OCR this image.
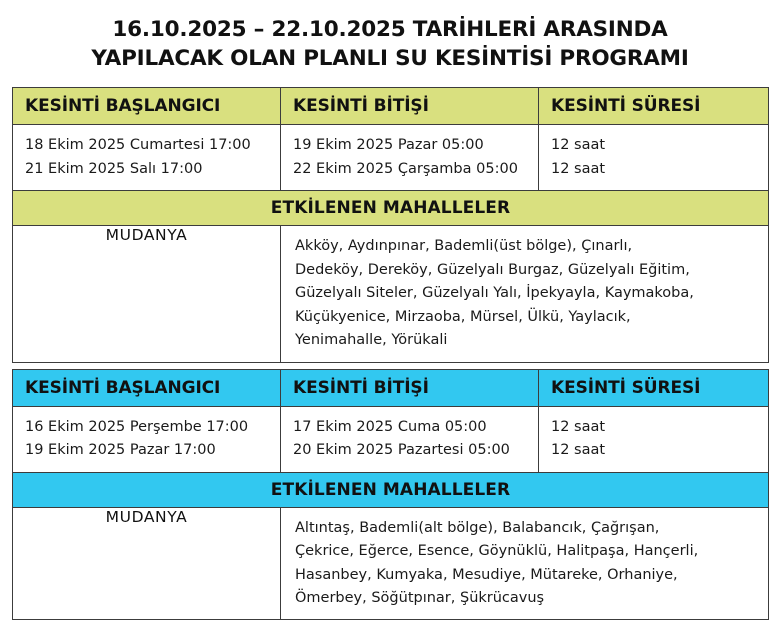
16.10.2025 – 22.10.2025 TARİHLERİ ARASINDA
YAPILACAK OLAN PLANLI SU KESİNTİSİ PROGRAMI
KESİNTİ BAŞLANGICI	KESİNTİ BİTİŞİ	KESİNTİ SÜRESİ

18 Ekim 2025 Cumartesi 17:00
21 Ekim 2025 Salı 17:00

19 Ekim 2025 Pazar 05:00
22 Ekim 2025 Çarşamba 05:00

12 saat
12 saat

ETKİLENEN MAHALLELER		

MUDANYA	Akköy, Aydınpınar, Bademli(üst bölge), Çınarlı,
Dedeköy, Dereköy, Güzelyalı Burgaz, Güzelyalı Eğitim,
Güzelyalı Siteler, Güzelyalı Yalı, İpekyayla, Kaymakoba,
Küçükyenice, Mirzaoba, Mürsel, Ülkü, Yaylacık,
Yenimahalle, Yörükali	
KESİNTİ BAŞLANGICI	KESİNTİ BİTİŞİ	KESİNTİ SÜRESİ

16 Ekim 2025 Perşembe 17:00
19 Ekim 2025 Pazar 17:00

17 Ekim 2025 Cuma 05:00
20 Ekim 2025 Pazartesi 05:00

12 saat
12 saat

ETKİLENEN MAHALLELER		

MUDANYA	Altıntaş, Bademli(alt bölge), Balabancık, Çağrışan,
Çekrice, Eğerce, Esence, Göynüklü, Halitpaşa, Hançerli,
Hasanbey, Kumyaka, Mesudiye, Mütareke, Orhaniye,
Ömerbey, Söğütpınar, Şükrücavuş	
